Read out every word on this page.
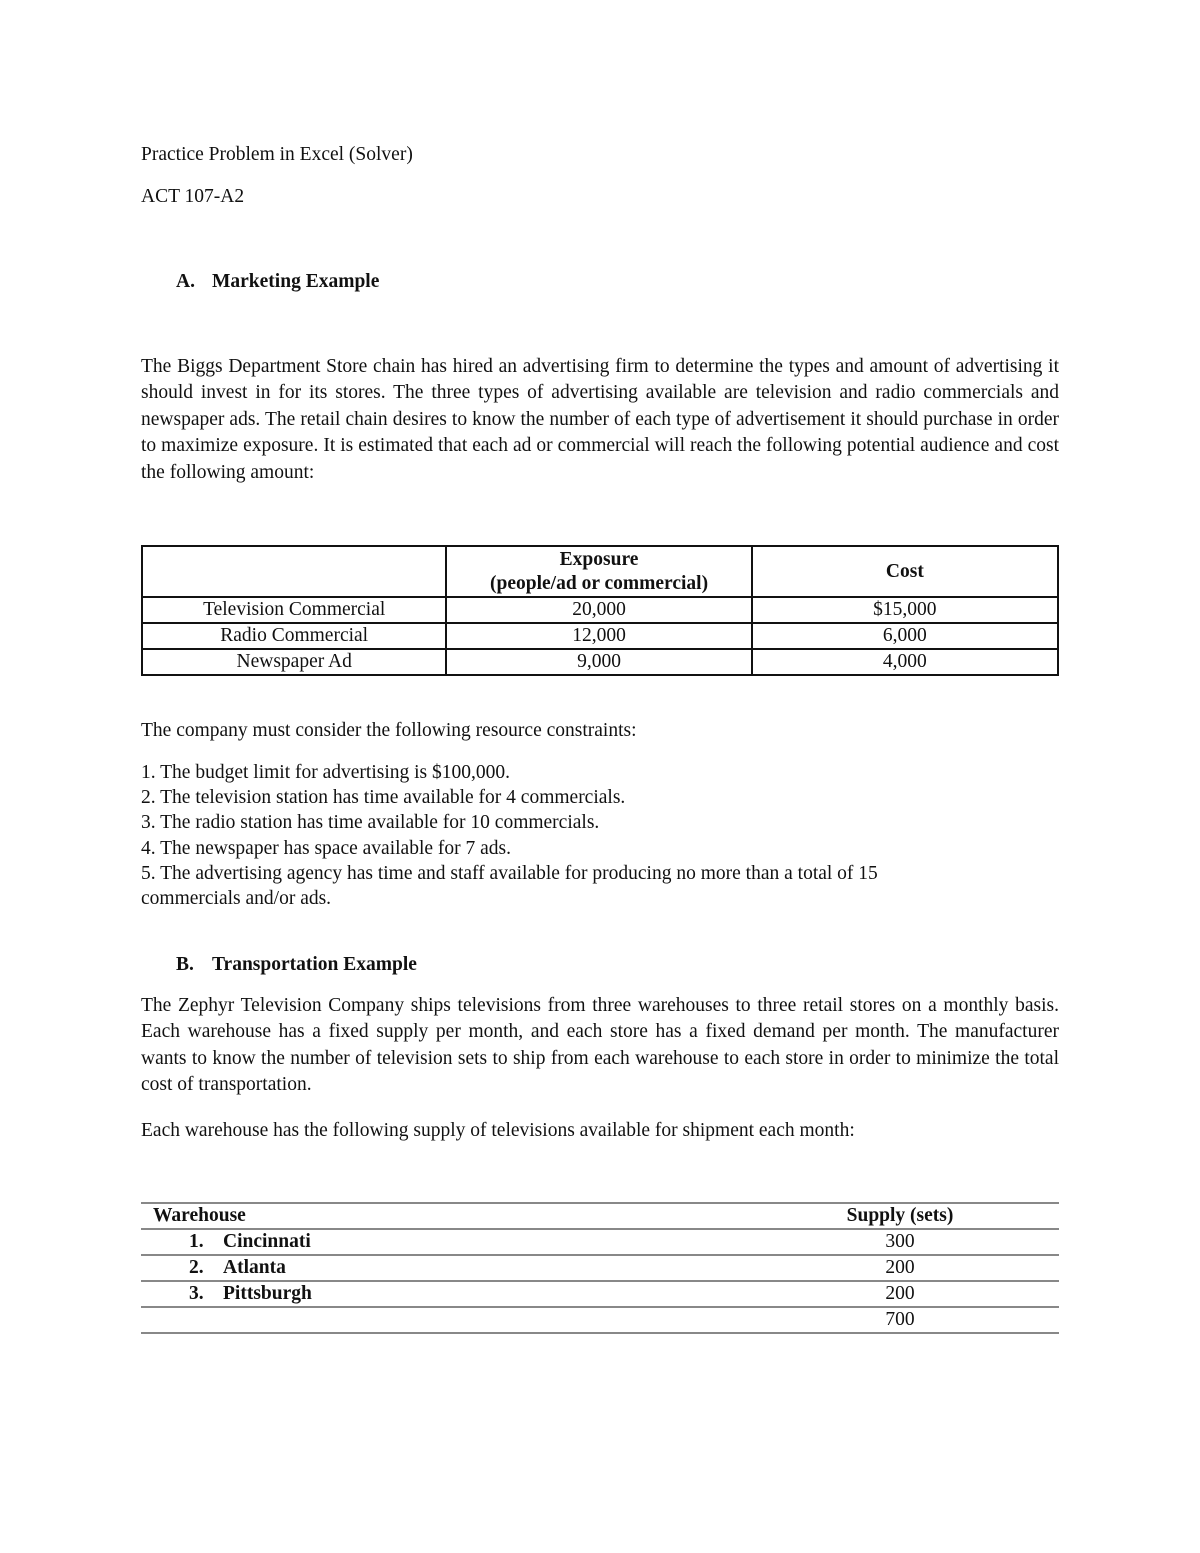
Practice Problem in Excel (Solver)
ACT 107-A2
A. Marketing Example
The Biggs Department Store chain has hired an advertising firm to determine the types and amount of advertising it should invest in for its stores. The three types of advertising available are television and radio commercials and newspaper ads. The retail chain desires to know the number of each type of advertisement it should purchase in order to maximize exposure. It is estimated that each ad or commercial will reach the following potential audience and cost the following amount:

	Exposure
(people/ad or commercial)	Cost
Television Commercial	20,000	$15,000
Radio Commercial	12,000	6,000
Newspaper Ad	9,000	4,000
The company must consider the following resource constraints:
1. The budget limit for advertising is $100,000.
2. The television station has time available for 4 commercials.
3. The radio station has time available for 10 commercials.
4. The newspaper has space available for 7 ads.
5. The advertising agency has time and staff available for producing no more than a total of 15 commercials and/or ads.
B. Transportation Example
The Zephyr Television Company ships televisions from three warehouses to three retail stores on a monthly basis. Each warehouse has a fixed supply per month, and each store has a fixed demand per month. The manufacturer wants to know the number of television sets to ship from each warehouse to each store in order to minimize the total cost of transportation.
Each warehouse has the following supply of televisions available for shipment each month:
Warehouse	Supply (sets)
1. Cincinnati	300
2. Atlanta	200
3. Pittsburgh	200
	700
